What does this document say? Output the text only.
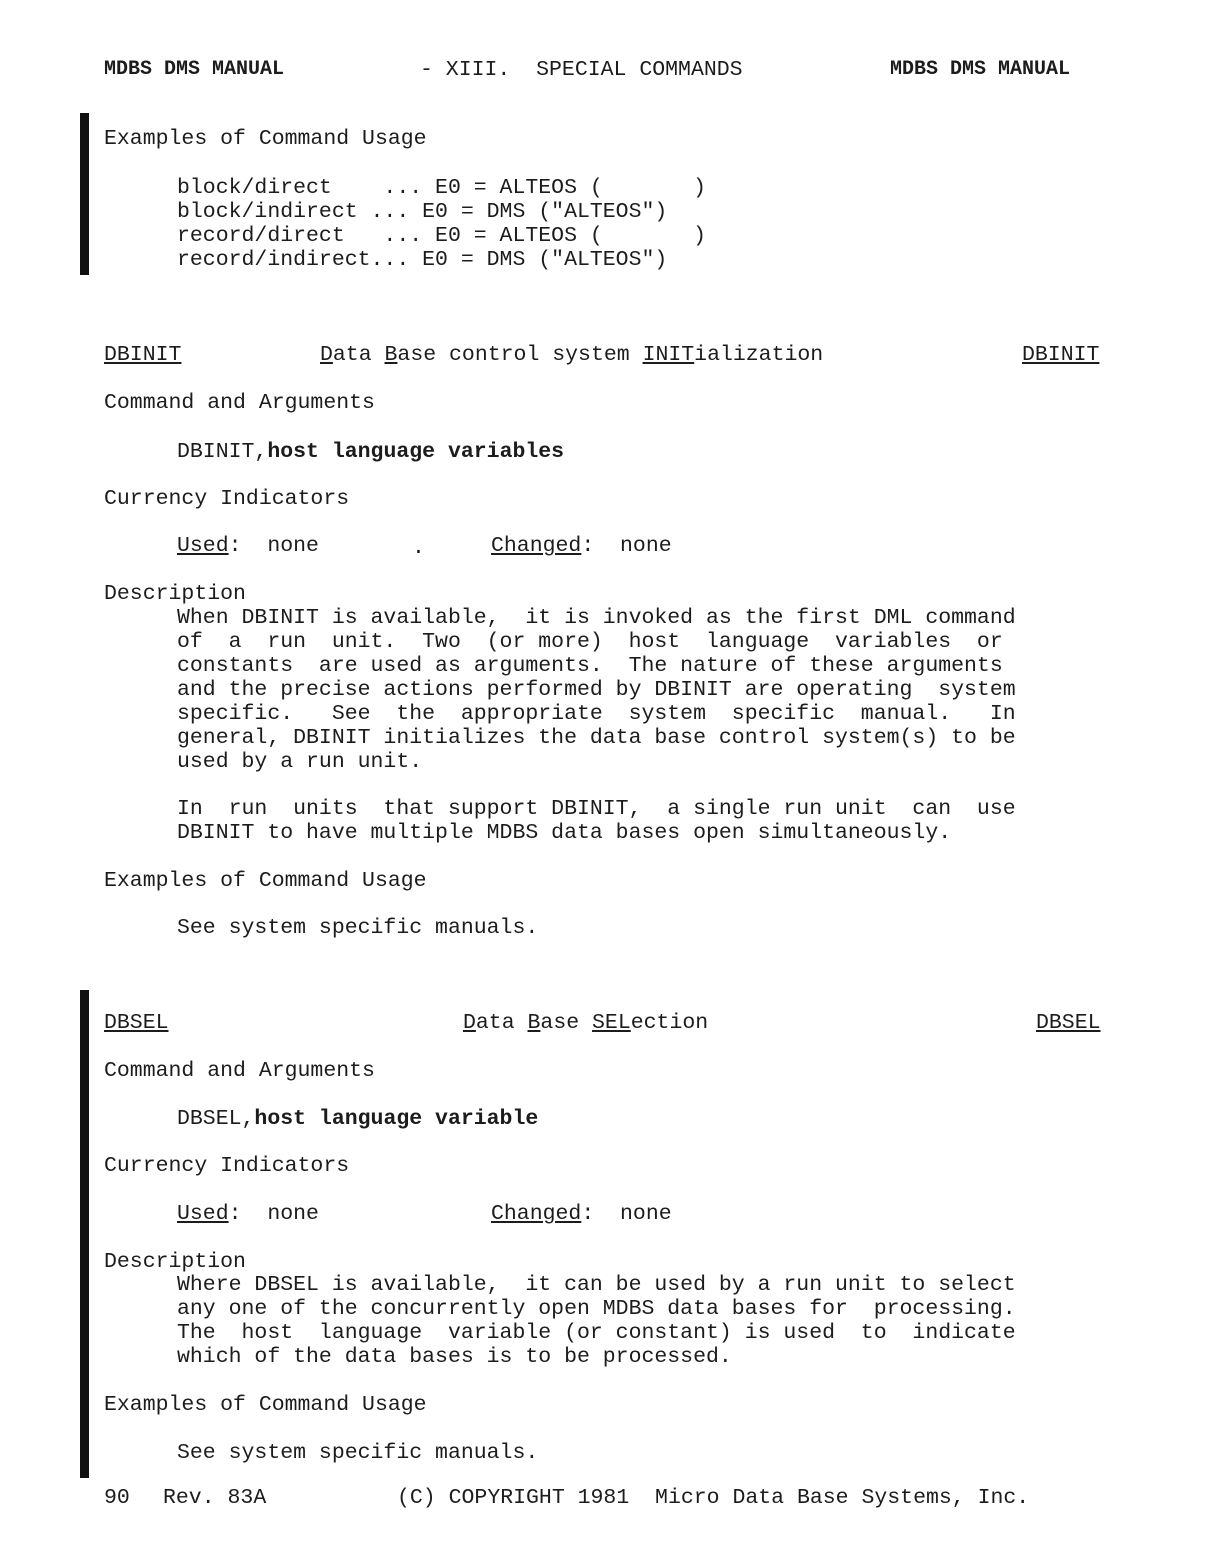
MDBS DMS MANUAL	- XIII.  SPECIAL COMMANDS	MDBS DMS MANUAL
Examples of Command Usage
block/direct    ... E0 = ALTEOS (       )
block/indirect ... E0 = DMS ("ALTEOS")
record/direct   ... E0 = ALTEOS (       )
record/indirect... E0 = DMS ("ALTEOS")
DBINIT	Data Base control system INITialization	DBINIT
Command and Arguments
DBINIT,host language variables
Currency Indicators
Used:  none	.	Changed:  none
Description
When DBINIT is available,  it is invoked as the first DML command
of  a  run  unit.  Two  (or more)  host  language  variables  or
constants  are used as arguments.  The nature of these arguments
and the precise actions performed by DBINIT are operating  system
specific.   See  the  appropriate  system  specific  manual.   In
general, DBINIT initializes the data base control system(s) to be
used by a run unit.
In  run  units  that support DBINIT,  a single run unit  can  use
DBINIT to have multiple MDBS data bases open simultaneously.
Examples of Command Usage
See system specific manuals.
DBSEL	Data Base SELection	DBSEL
Command and Arguments
DBSEL,host language variable
Currency Indicators
Used:  none	Changed:  none
Description
Where DBSEL is available,  it can be used by a run unit to select
any one of the concurrently open MDBS data bases for  processing.
The  host  language  variable (or constant) is used  to  indicate
which of the data bases is to be processed.
Examples of Command Usage
See system specific manuals.
90 Rev. 83A	(C) COPYRIGHT 1981  Micro Data Base Systems, Inc.
